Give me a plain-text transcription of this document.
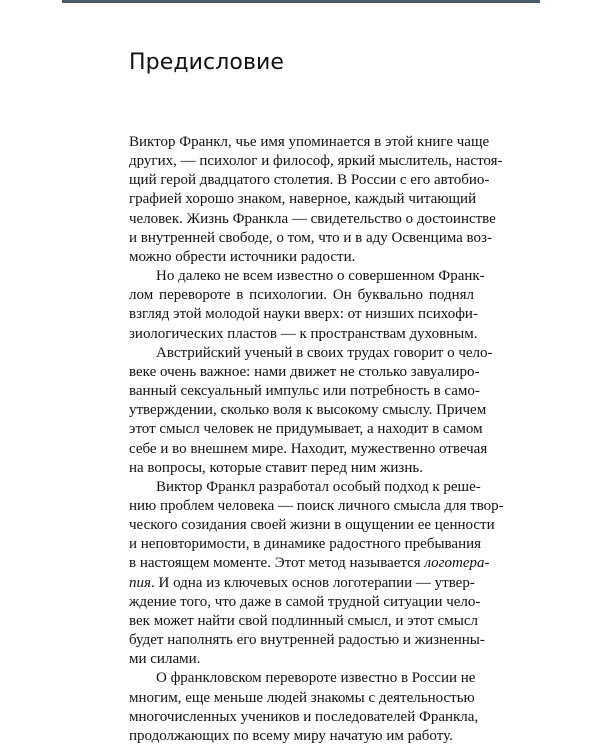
Предисловие
Виктор Франкл, чье имя упоминается в этой книге чаще
других, — психолог и философ, яркий мыслитель, настоя-
щий герой двадцатого столетия. В России с его автобио-
графией хорошо знаком, наверное, каждый читающий
человек. Жизнь Франкла — свидетельство о достоинстве
и внутренней свободе, о том, что и в аду Освенцима воз-
можно обрести источники радости.
Но далеко не всем известно о совершенном Франк-
лом перевороте в психологии. Он буквально поднял
взгляд этой молодой науки вверх: от низших психофи-
зиологических пластов — к пространствам духовным.
Австрийский ученый в своих трудах говорит о чело-
веке очень важное: нами движет не столько завуалиро-
ванный сексуальный импульс или потребность в само-
утверждении, сколько воля к высокому смыслу. Причем
этот смысл человек не придумывает, а находит в самом
себе и во внешнем мире. Находит, мужественно отвечая
на вопросы, которые ставит перед ним жизнь.
Виктор Франкл разработал особый подход к реше-
нию проблем человека — поиск личного смысла для твор-
ческого созидания своей жизни в ощущении ее ценности
и неповторимости, в динамике радостного пребывания
в настоящем моменте. Этот метод называется логотера-
пия. И одна из ключевых основ логотерапии — утвер-
ждение того, что даже в самой трудной ситуации чело-
век может найти свой подлинный смысл, и этот смысл
будет наполнять его внутренней радостью и жизненны-
ми силами.
О франкловском перевороте известно в России не
многим, еще меньше людей знакомы с деятельностью
многочисленных учеников и последователей Франкла,
продолжающих по всему миру начатую им работу.
